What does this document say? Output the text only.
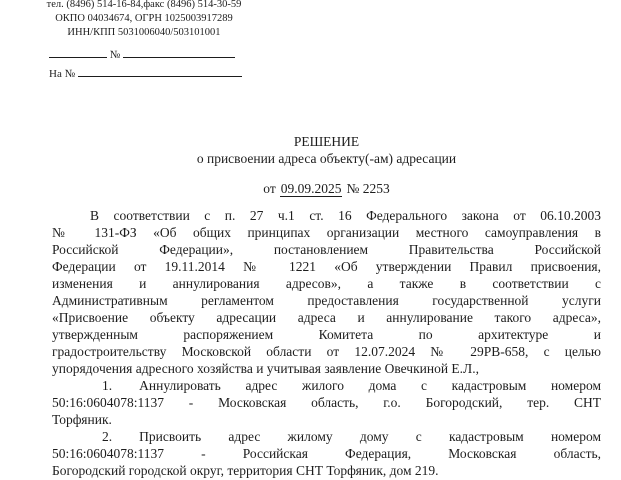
тел. (8496) 514-16-84,факс (8496) 514-30-59
ОКПО 04034674, ОГРН 1025003917289
ИНН/КПП 5031006040/503101001
№
На №
РЕШЕНИЕ
о присвоении адреса объекту(-ам) адресации
от 09.09.2025 № 2253
В соответствии с п. 27 ч.1 ст. 16 Федерального закона от 06.10.2003
№ 131-ФЗ «Об общих принципах организации местного самоуправления в
Российской Федерации», постановлением Правительства Российской
Федерации от 19.11.2014 № 1221 «Об утверждении Правил присвоения,
изменения и аннулирования адресов», а также в соответствии с
Административным регламентом предоставления государственной услуги
«Присвоение объекту адресации адреса и аннулирование такого адреса»,
утвержденным распоряжением Комитета по архитектуре и
градостроительству Московской области от 12.07.2024 № 29РВ-658, с целью
упорядочения адресного хозяйства и учитывая заявление Овечкиной Е.Л.,
1. Аннулировать адрес жилого дома с кадастровым номером
50:16:0604078:1137 - Московская область, г.о. Богородский, тер. СНТ
Торфяник.
2. Присвоить адрес жилому дому с кадастровым номером
50:16:0604078:1137 - Российская Федерация, Московская область,
Богородский городской округ, территория СНТ Торфяник, дом 219.
